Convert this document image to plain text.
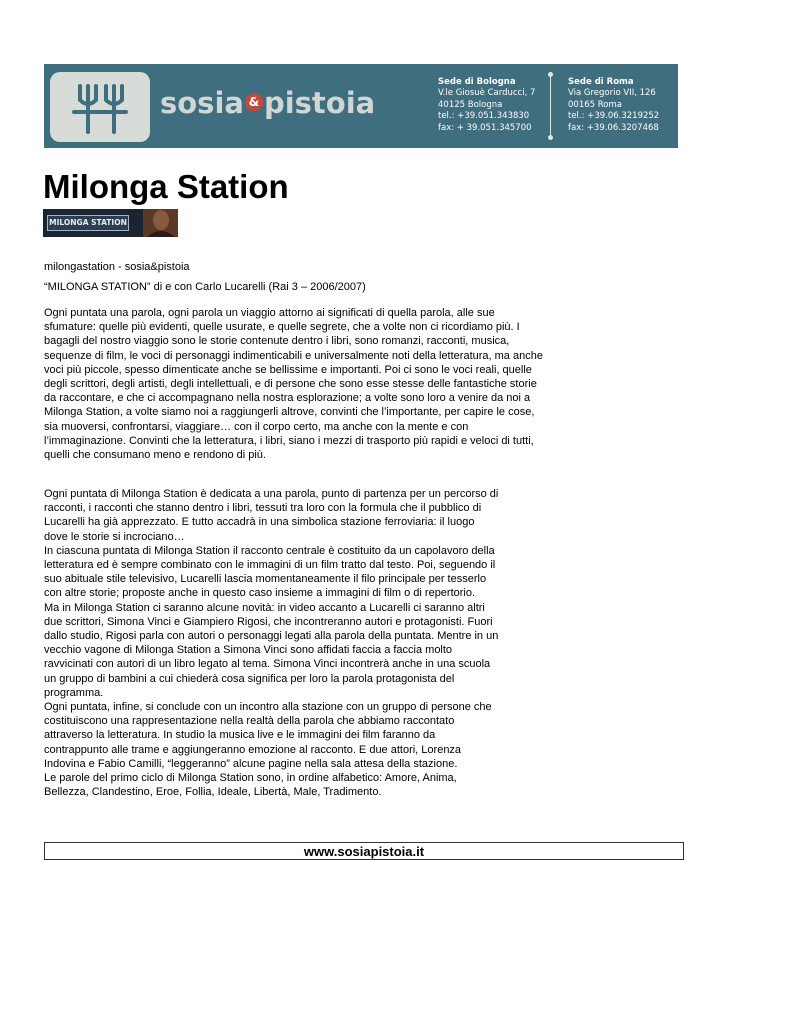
sosia & pistoia
Sede di Bologna
V.le Giosuè Carducci, 7
40125 Bologna
tel.: +39.051.343830
fax: + 39.051.345700
Sede di Roma
Via Gregorio VII, 126
00165 Roma
tel.: +39.06.3219252
fax: +39.06.3207468
Milonga Station
MILONGA STATION
milongastation - sosia&pistoia
“MILONGA STATION” di e con Carlo Lucarelli (Rai 3 – 2006/2007)

Ogni puntata una parola, ogni parola un viaggio attorno ai significati di quella parola, alle sue sfumature: quelle più evidenti, quelle usurate, e quelle segrete, che a volte non ci ricordiamo più. I bagagli del nostro viaggio sono le storie contenute dentro i libri, sono romanzi, racconti, musica, sequenze di film, le voci di personaggi indimenticabili e universalmente noti della letteratura, ma anche voci più piccole, spesso dimenticate anche se bellissime e importanti. Poi ci sono le voci reali, quelle degli scrittori, degli artisti, degli intellettuali, e di persone che sono esse stesse delle fantastiche storie da raccontare, e che ci accompagnano nella nostra esplorazione; a volte sono loro a venire da noi a Milonga Station, a volte siamo noi a raggiungerli altrove, convinti che l’importante, per capire le cose, sia muoversi, confrontarsi, viaggiare… con il corpo certo, ma anche con la mente e con l’immaginazione. Convinti che la letteratura, i libri, siano i mezzi di trasporto più rapidi e veloci di tutti, quelli che consumano meno e rendono di più.

Ogni puntata di Milonga Station è dedicata a una parola, punto di partenza per un percorso di
racconti, i racconti che stanno dentro i libri, tessuti tra loro con la formula che il pubblico di
Lucarelli ha già apprezzato. E tutto accadrà in una simbolica stazione ferroviaria: il luogo
dove le storie si incrociano…
In ciascuna puntata di Milonga Station il racconto centrale è costituito da un capolavoro della
letteratura ed è sempre combinato con le immagini di un film tratto dal testo. Poi, seguendo il
suo abituale stile televisivo, Lucarelli lascia momentaneamente il filo principale per tesserlo
con altre storie; proposte anche in questo caso insieme a immagini di film o di repertorio.
Ma in Milonga Station ci saranno alcune novità: in video accanto a Lucarelli ci saranno altri
due scrittori, Simona Vinci e Giampiero Rigosi, che incontreranno autori e protagonisti. Fuori
dallo studio, Rigosi parla con autori o personaggi legati alla parola della puntata. Mentre in un
vecchio vagone di Milonga Station a Simona Vinci sono affidati faccia a faccia molto
ravvicinati con autori di un libro legato al tema. Simona Vinci incontrerà anche in una scuola
un gruppo di bambini a cui chiederà cosa significa per loro la parola protagonista del
programma.
Ogni puntata, infine, si conclude con un incontro alla stazione con un gruppo di persone che
costituiscono una rappresentazione nella realtà della parola che abbiamo raccontato
attraverso la letteratura. In studio la musica live e le immagini dei film faranno da
contrappunto alle trame e aggiungeranno emozione al racconto. E due attori, Lorenza
Indovina e Fabio Camilli, “leggeranno” alcune pagine nella sala attesa della stazione.
Le parole del primo ciclo di Milonga Station sono, in ordine alfabetico: Amore, Anima,
Bellezza, Clandestino, Eroe, Follia, Ideale, Libertà, Male, Tradimento.
www.sosiapistoia.it
